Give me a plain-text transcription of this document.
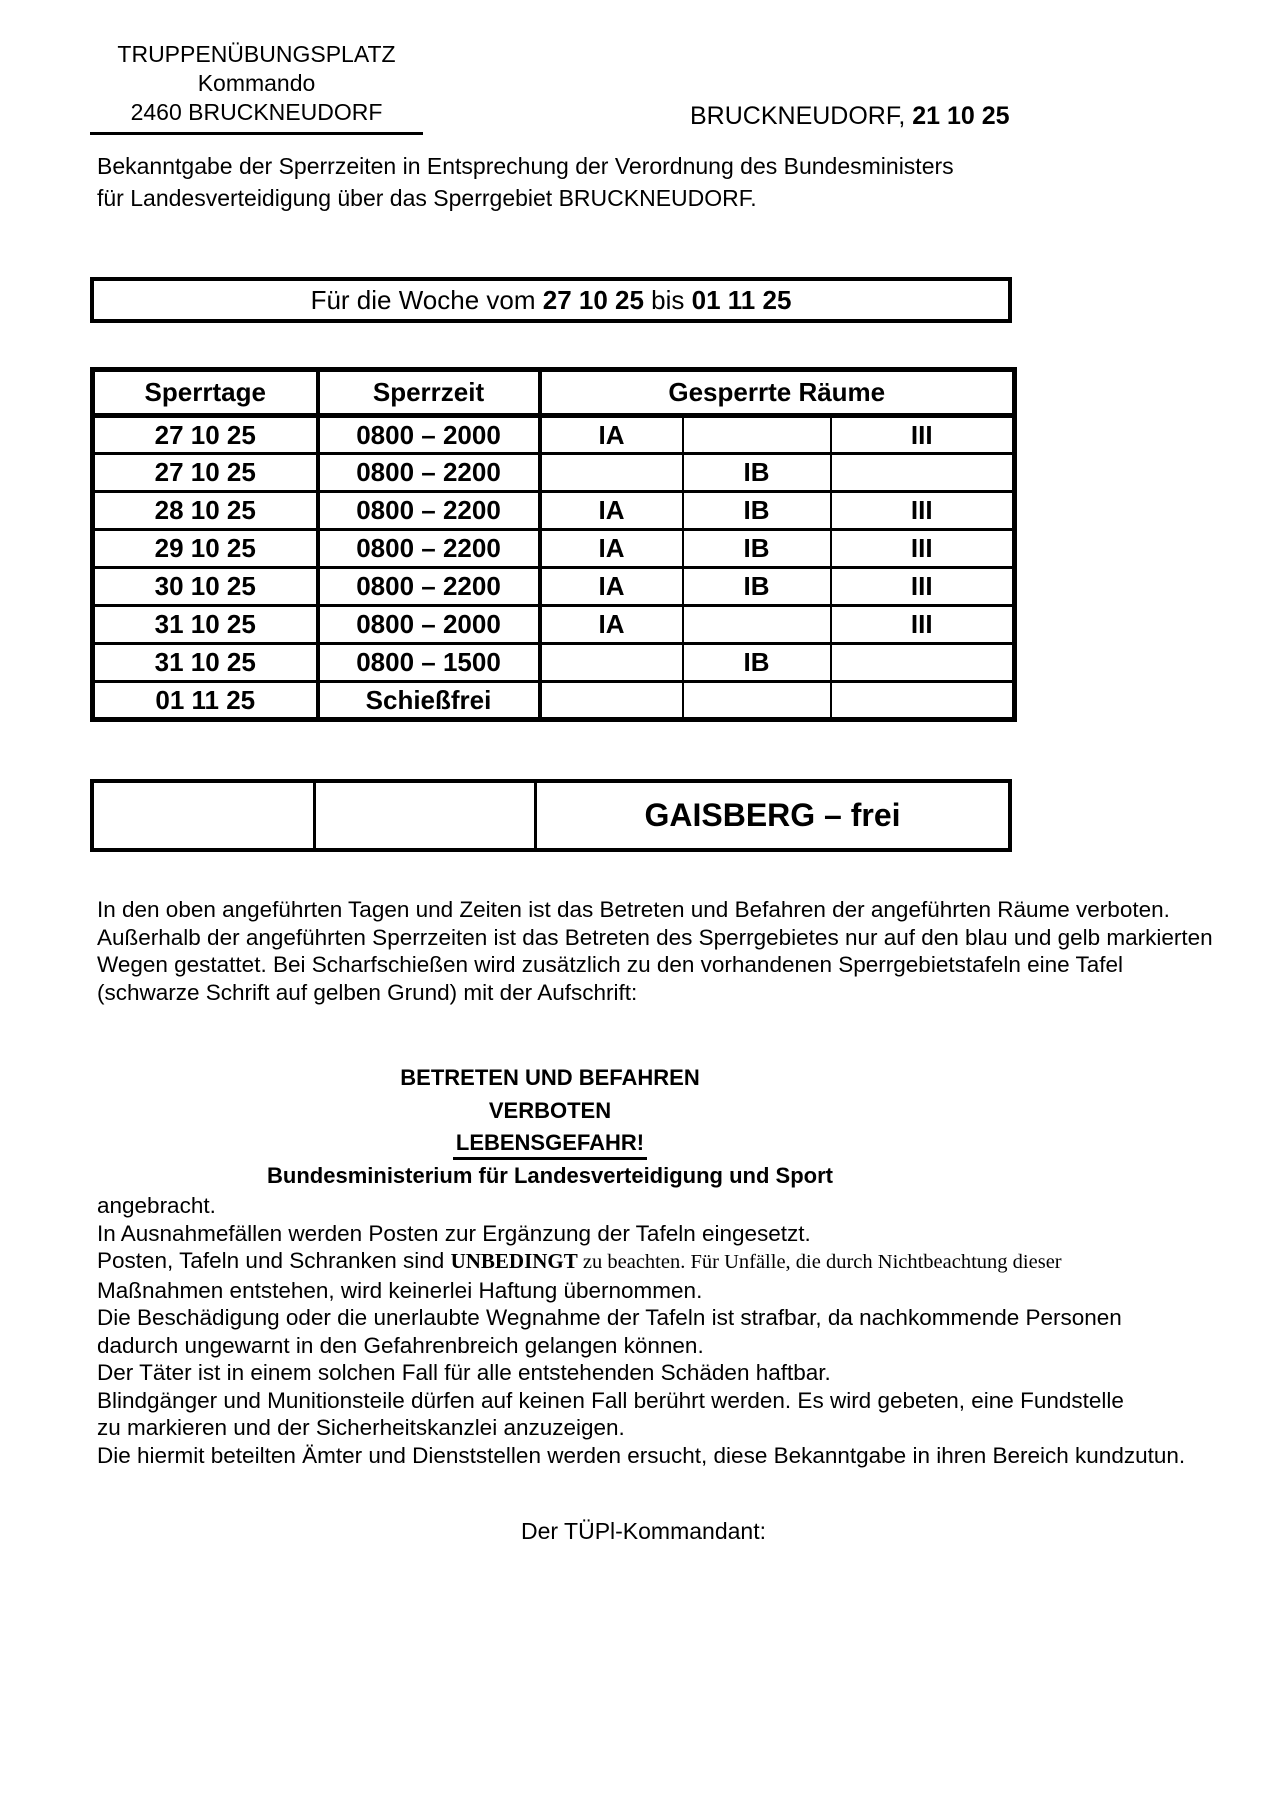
TRUPPENÜBUNGSPLATZ
Kommando
2460 BRUCKNEUDORF	BRUCKNEUDORF, 21 10 25
Bekanntgabe der Sperrzeiten in Entsprechung der Verordnung des Bundesministers
für Landesverteidigung über das Sperrgebiet BRUCKNEUDORF.
Für die Woche vom 27 10 25 bis 01 11 25
Sperrtage	Sperrzeit	Gesperrte Räume		
27 10 25	0800 – 2000	IA		III
27 10 25	0800 – 2200		IB	
28 10 25	0800 – 2200	IA	IB	III
29 10 25	0800 – 2200	IA	IB	III
30 10 25	0800 – 2200	IA	IB	III
31 10 25	0800 – 2000	IA		III
31 10 25	0800 – 1500		IB	
01 11 25	Schießfrei			
GAISBERG – frei
In den oben angeführten Tagen und Zeiten ist das Betreten und Befahren der angeführten Räume verboten.
Außerhalb der angeführten Sperrzeiten ist das Betreten des Sperrgebietes nur auf den blau und gelb markierten
Wegen gestattet. Bei Scharfschießen wird zusätzlich zu den vorhandenen Sperrgebietstafeln eine Tafel
(schwarze Schrift auf gelben Grund) mit der Aufschrift:
BETRETEN UND BEFAHREN
VERBOTEN
LEBENSGEFAHR!
Bundesministerium für Landesverteidigung und Sport
angebracht.
In Ausnahmefällen werden Posten zur Ergänzung der Tafeln eingesetzt.
Posten, Tafeln und Schranken sind UNBEDINGT zu beachten. Für Unfälle, die durch Nichtbeachtung dieser
Maßnahmen entstehen, wird keinerlei Haftung übernommen.
Die Beschädigung oder die unerlaubte Wegnahme der Tafeln ist strafbar, da nachkommende Personen
dadurch ungewarnt in den Gefahrenbreich gelangen können.
Der Täter ist in einem solchen Fall für alle entstehenden Schäden haftbar.
Blindgänger und Munitionsteile dürfen auf keinen Fall berührt werden. Es wird gebeten, eine Fundstelle
zu markieren und der Sicherheitskanzlei anzuzeigen.
Die hiermit beteilten Ämter und Dienststellen werden ersucht, diese Bekanntgabe in ihren Bereich kundzutun.
Der TÜPl-Kommandant:
